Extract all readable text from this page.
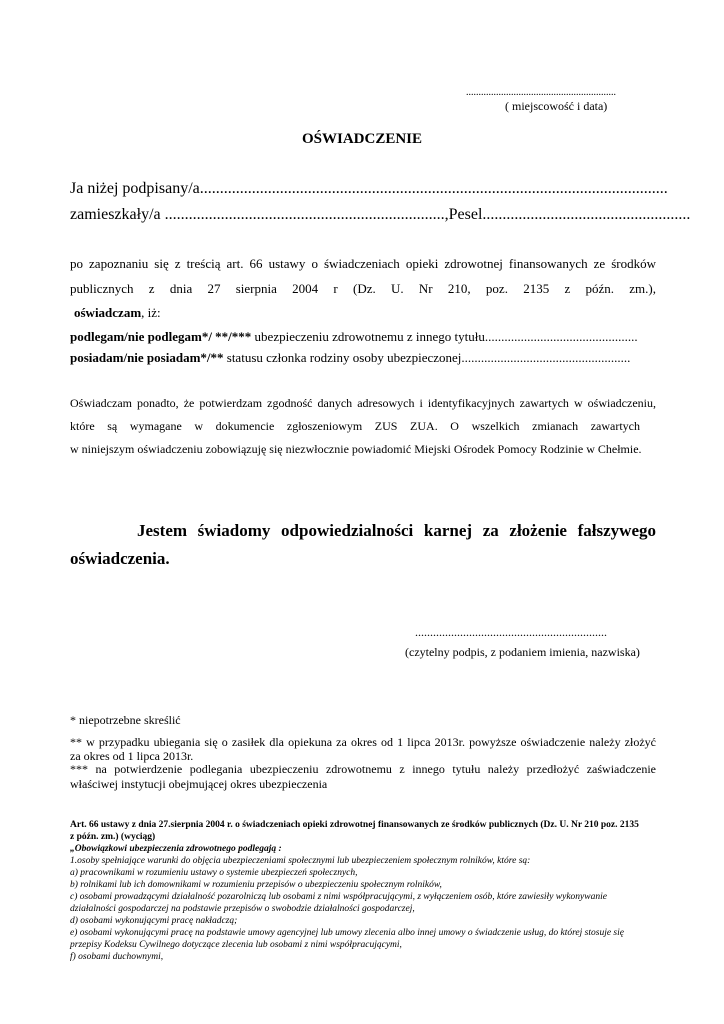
............................................................
( miejscowość i data)
OŚWIADCZENIE
Ja niżej podpisany/a.....................................................................................................................
zamieszkały/a ......................................................................, Pesel....................................................
po zapoznaniu się z treścią art. 66 ustawy o świadczeniach opieki zdrowotnej finansowanych ze środków
publicznych z dnia 27 sierpnia 2004 r (Dz. U. Nr 210, poz. 2135 z późn. zm.),
oświadczam, iż:
podlegam/nie podlegam*/ **/*** ubezpieczeniu zdrowotnemu z innego tytułu...............................................
posiadam/nie posiadam*/** statusu członka rodziny osoby ubezpieczonej....................................................
Oświadczam ponadto, że potwierdzam zgodność danych adresowych i identyfikacyjnych zawartych w oświadczeniu,
które są wymagane w dokumencie zgłoszeniowym ZUS ZUA. O wszelkich zmianach zawartych
w niniejszym oświadczeniu zobowiązuję się niezwłocznie powiadomić Miejski Ośrodek Pomocy Rodzinie w Chełmie.
Jestem świadomy odpowiedzialności karnej za złożenie fałszywego
oświadczenia.
................................................................
(czytelny podpis, z podaniem imienia, nazwiska)
* niepotrzebne skreślić
** w przypadku ubiegania się o zasiłek dla opiekuna za okres od 1 lipca 2013r. powyższe oświadczenie należy złożyć
za okres od 1 lipca 2013r.
*** na potwierdzenie podlegania ubezpieczeniu zdrowotnemu z innego tytułu należy przedłożyć zaświadczenie
właściwej instytucji obejmującej okres ubezpieczenia
Art. 66 ustawy z dnia 27.sierpnia 2004 r. o świadczeniach opieki zdrowotnej finansowanych ze środków publicznych (Dz. U. Nr 210 poz. 2135
z późn. zm.) (wyciąg)
„Obowiązkowi ubezpieczenia zdrowotnego podlegają :
1.osoby spełniające warunki do objęcia ubezpieczeniami społecznymi lub ubezpieczeniem społecznym rolników, które są:
a) pracownikami w rozumieniu ustawy o systemie ubezpieczeń społecznych,
b) rolnikami lub ich domownikami w rozumieniu przepisów o ubezpieczeniu społecznym rolników,
c) osobami prowadzącymi działalność pozarolniczą lub osobami z nimi współpracującymi, z wyłączeniem osób, które zawiesiły wykonywanie
działalności gospodarczej na podstawie przepisów o swobodzie działalności gospodarczej,
d) osobami wykonującymi pracę nakładczą;
e) osobami wykonującymi pracę na podstawie umowy agencyjnej lub umowy zlecenia albo innej umowy o świadczenie usług, do której stosuje się
przepisy Kodeksu Cywilnego dotyczące zlecenia lub osobami z nimi współpracującymi,
f) osobami duchownymi,
